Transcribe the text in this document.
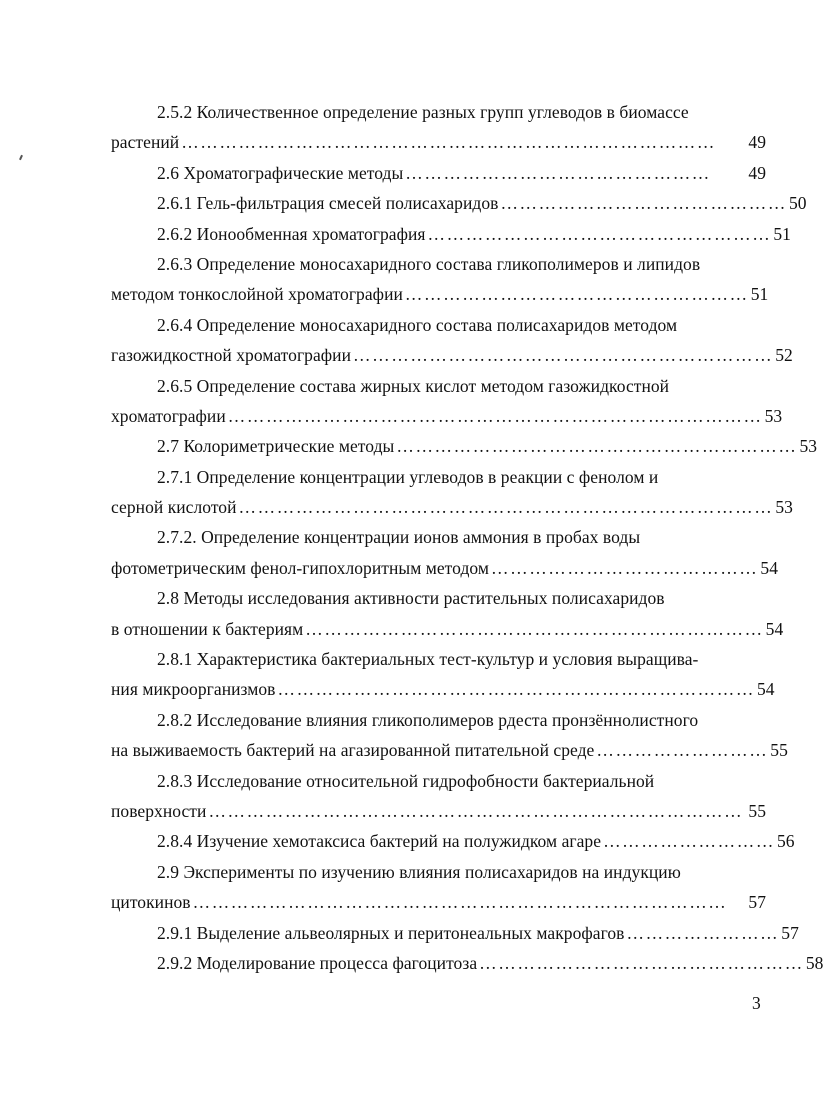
2.5.2 Количественное определение разных групп углеводов в биомассе
растений …………………………………………………………………………	49
2.6 Хроматографические методы …………………………………………	49
2.6.1 Гель-фильтрация смесей полисахаридов ……………………………………… 50
2.6.2 Ионообменная хроматография ……………………………………………… 51
2.6.3 Определение моносахаридного состава гликополимеров и липидов
методом тонкослойной хроматографии ……………………………………………… 51
2.6.4 Определение моносахаридного состава полисахаридов методом
газожидкостной хроматографии ………………………………………………………… 52
2.6.5 Определение состава жирных кислот методом газожидкостной
хроматографии ………………………………………………………………………… 53
2.7 Колориметрические методы ……………………………………………………… 53
2.7.1 Определение концентрации углеводов в реакции с фенолом и
серной кислотой ………………………………………………………………………… 53
2.7.2. Определение концентрации ионов аммония в пробах воды
фотометрическим фенол-гипохлоритным методом …………………………………… 54
2.8 Методы исследования активности растительных полисахаридов
в отношении к бактериям ……………………………………………………………… 54
2.8.1 Характеристика бактериальных тест-культур и условия выращива-
ния микроорганизмов ………………………………………………………………… 54
2.8.2 Исследование влияния гликополимеров рдеста пронзённолистного
на выживаемость бактерий на агазированной питательной среде ……………………… 55
2.8.3 Исследование относительной гидрофобности бактериальной
поверхности ………………………………………………………………………… 55
2.8.4 Изучение хемотаксиса бактерий на полужидком агаре ……………………… 56
2.9 Эксперименты по изучению влияния полисахаридов на индукцию
цитокинов …………………………………………………………………………	57
2.9.1 Выделение альвеолярных и перитонеальных макрофагов …………………… 57
2.9.2 Моделирование процесса фагоцитоза …………………………………………… 58
3
